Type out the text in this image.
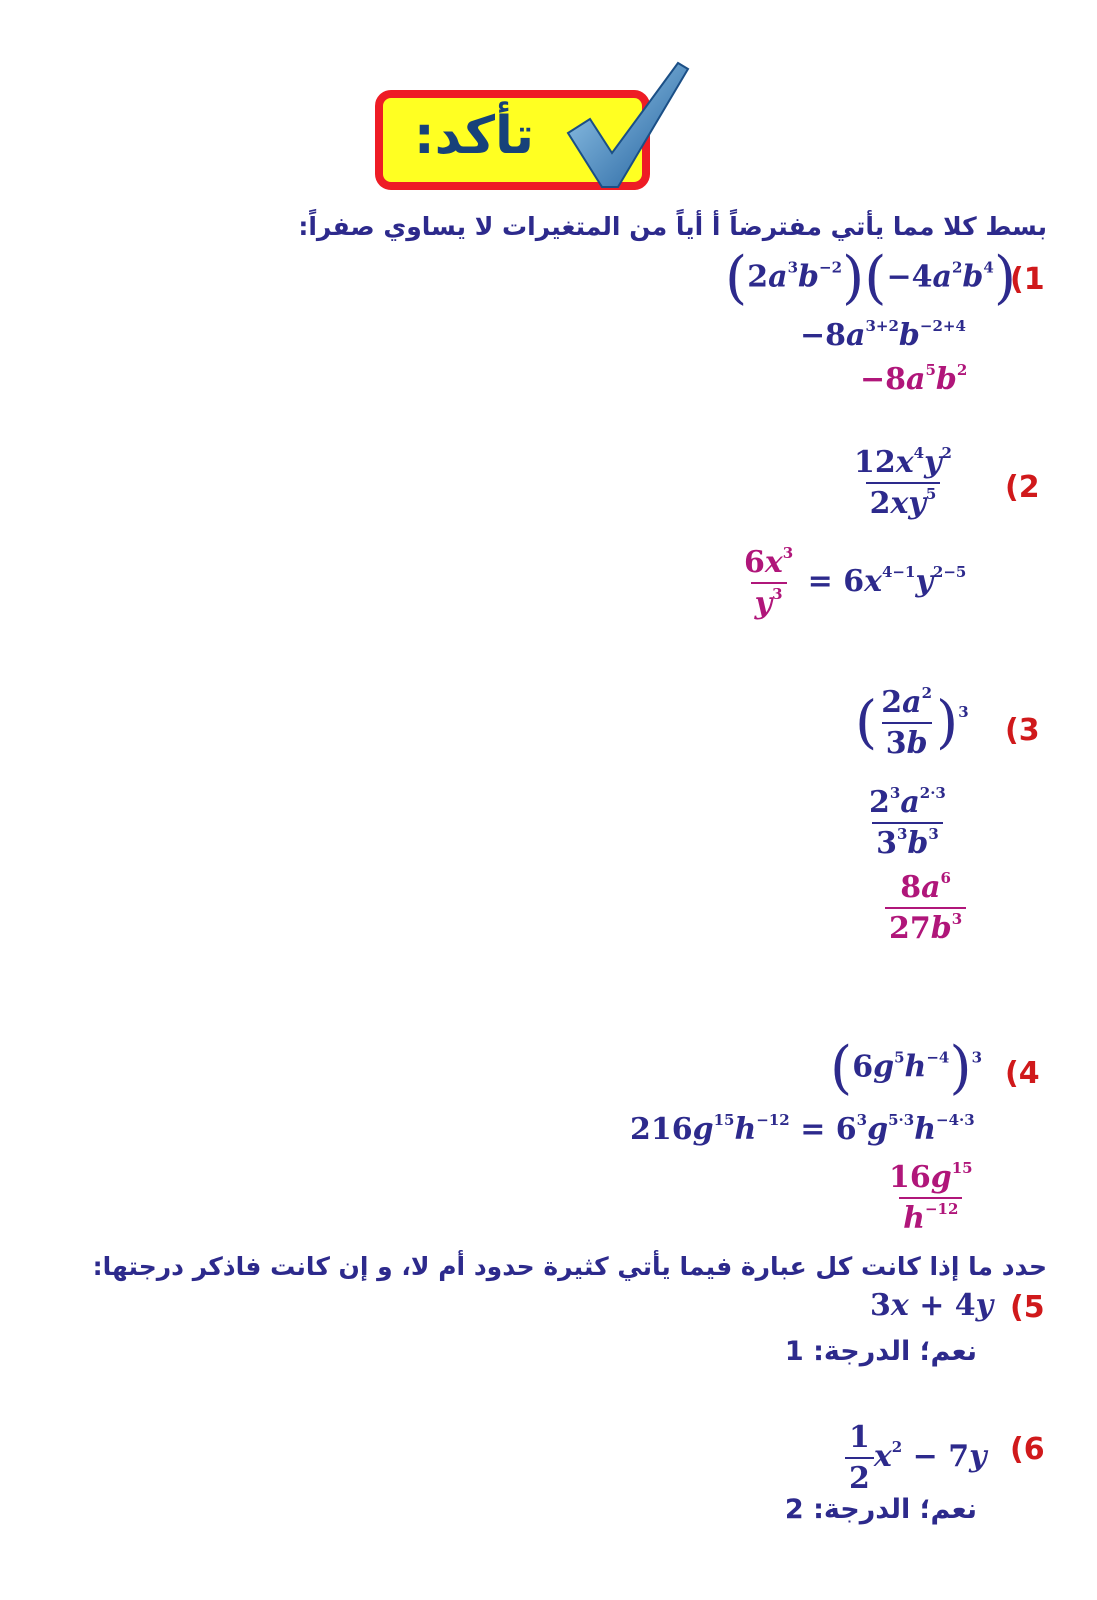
تأكد:
بسط كلا مما يأتي مفترضاً أ أياً من المتغيرات لا يساوي صفراً:
(1
$(2a^3b^{-2})(-4a^2b^4)$
$-8a^{3+2}b^{-2+4}$
$-8a^5b^2$
(2
$\frac{12x^4y^2}{2xy^5}$
$\frac{6x^3}{y^3} = 6x^{4-1}y^{2-5}$
(3
( $\frac{2a^2}{3b} )^3$
$\frac{2^3a^{2\cdot 3}}{3^3b^3}$
$\frac{8a^6}{27b^3}$
(4
$(6g^5h^{-4})^3$
$216g^{15}h^{-12} = 6^3g^{5\cdot 3}h^{-4\cdot 3}$
$\frac{16g^{15}}{h^{-12}}$
حدد ما إذا كانت كل عبارة فيما يأتي كثيرة حدود أم لا، و إن كانت فاذكر درجتها:
(5
3x + 4y
نعم؛ الدرجة: 1
(6
$\frac{1}{2} x^2 - 7y$
نعم؛ الدرجة: 2
